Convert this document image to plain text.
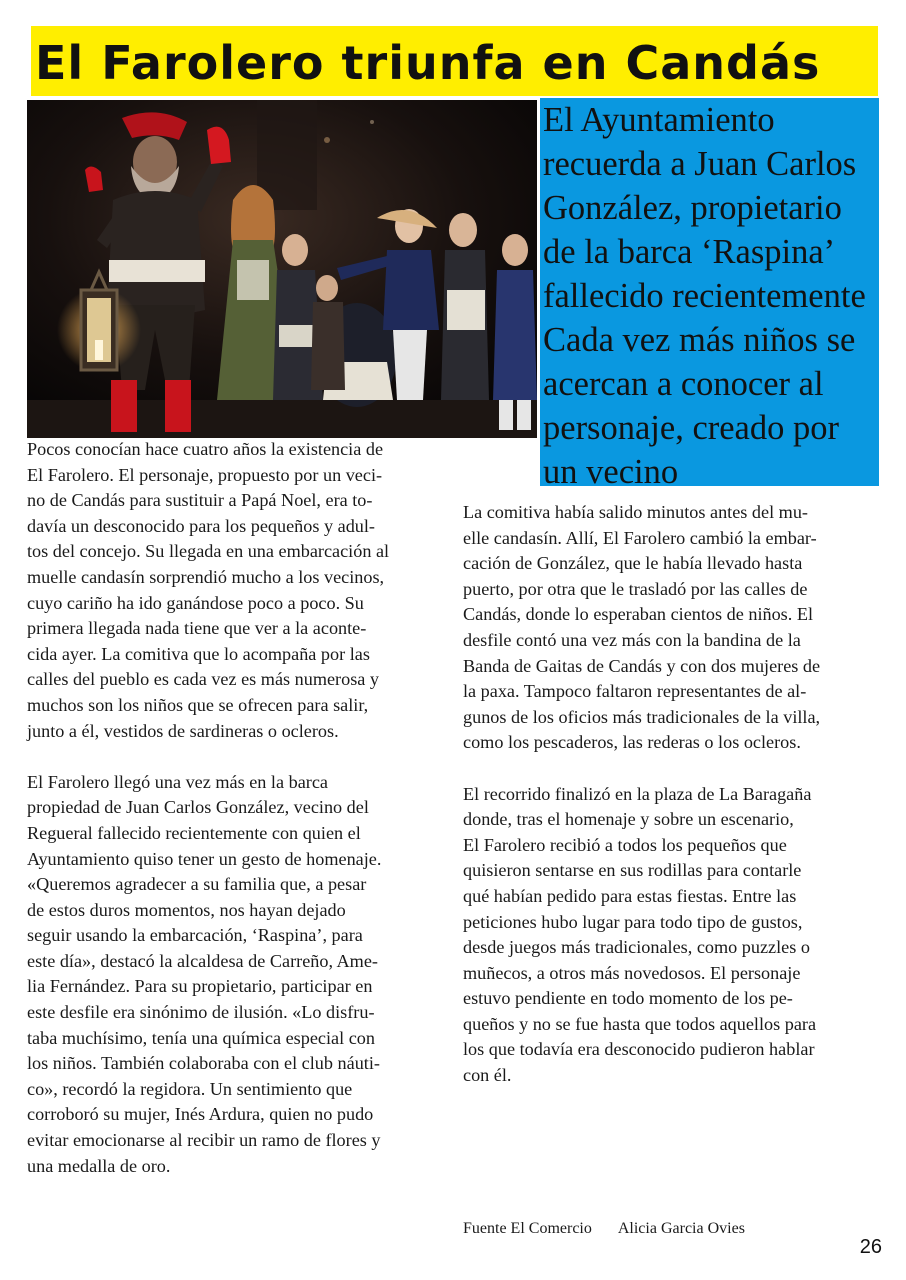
El Farolero triunfa en Candás

El Ayuntamiento
recuerda a Juan Carlos
González, propietario
de la barca ‘Raspina’
fallecido recientemente
Cada vez más niños se
acercan a conocer al
personaje, creado por
un vecino

Pocos conocían hace cuatro años la existencia de
El Farolero. El personaje, propuesto por un veci-
no de Candás para sustituir a Papá Noel, era to-
davía un desconocido para los pequeños y adul-
tos del concejo. Su llegada en una embarcación al
muelle candasín sorprendió mucho a los vecinos,
cuyo cariño ha ido ganándose poco a poco. Su
primera llegada nada tiene que ver a la aconte-
cida ayer. La comitiva que lo acompaña por las
calles del pueblo es cada vez es más numerosa y
muchos son los niños que se ofrecen para salir,
junto a él, vestidos de sardineras o ocleros.

El Farolero llegó una vez más en la barca
propiedad de Juan Carlos González, vecino del
Regueral fallecido recientemente con quien el
Ayuntamiento quiso tener un gesto de homenaje.
«Queremos agradecer a su familia que, a pesar
de estos duros momentos, nos hayan dejado
seguir usando la embarcación, ‘Raspina’, para
este día», destacó la alcaldesa de Carreño, Ame-
lia Fernández. Para su propietario, participar en
este desfile era sinónimo de ilusión. «Lo disfru-
taba muchísimo, tenía una química especial con
los niños. También colaboraba con el club náuti-
co», recordó la regidora. Un sentimiento que
corroboró su mujer, Inés Ardura, quien no pudo
evitar emocionarse al recibir un ramo de flores y
una medalla de oro.

La comitiva había salido minutos antes del mu-
elle candasín. Allí, El Farolero cambió la embar-
cación de González, que le había llevado hasta
puerto, por otra que le trasladó por las calles de
Candás, donde lo esperaban cientos de niños. El
desfile contó una vez más con la bandina de la
Banda de Gaitas de Candás y con dos mujeres de
la paxa. Tampoco faltaron representantes de al-
gunos de los oficios más tradicionales de la villa,
como los pescaderos, las rederas o los ocleros.

El recorrido finalizó en la plaza de La Baragaña
donde, tras el homenaje y sobre un escenario,
El Farolero recibió a todos los pequeños que
quisieron sentarse en sus rodillas para contarle
qué habían pedido para estas fiestas. Entre las
peticiones hubo lugar para todo tipo de gustos,
desde juegos más tradicionales, como puzzles o
muñecos, a otros más novedosos. El personaje
estuvo pendiente en todo momento de los pe-
queños y no se fue hasta que todos aquellos para
los que todavía era desconocido pudieron hablar
con él.

Fuente El Comercio Alicia Garcia Ovies
26
